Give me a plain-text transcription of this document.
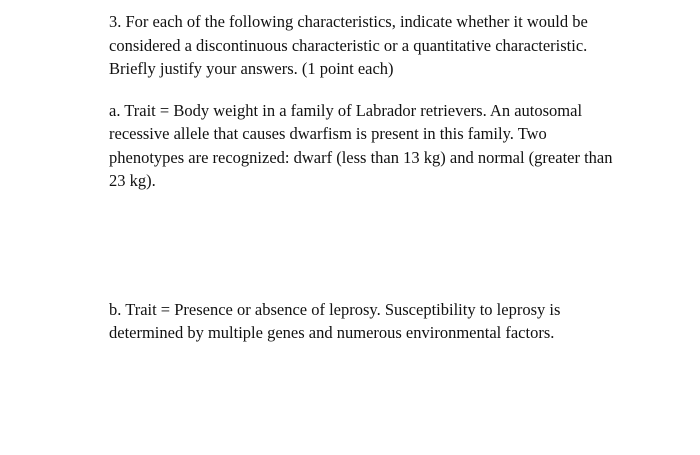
3. For each of the following characteristics, indicate whether it would be
considered a discontinuous characteristic or a quantitative characteristic.
Briefly justify your answers. (1 point each)

a. Trait = Body weight in a family of Labrador retrievers. An autosomal
recessive allele that causes dwarfism is present in this family. Two
phenotypes are recognized: dwarf (less than 13 kg) and normal (greater than
23 kg).

b. Trait = Presence or absence of leprosy. Susceptibility to leprosy is
determined by multiple genes and numerous environmental factors.
